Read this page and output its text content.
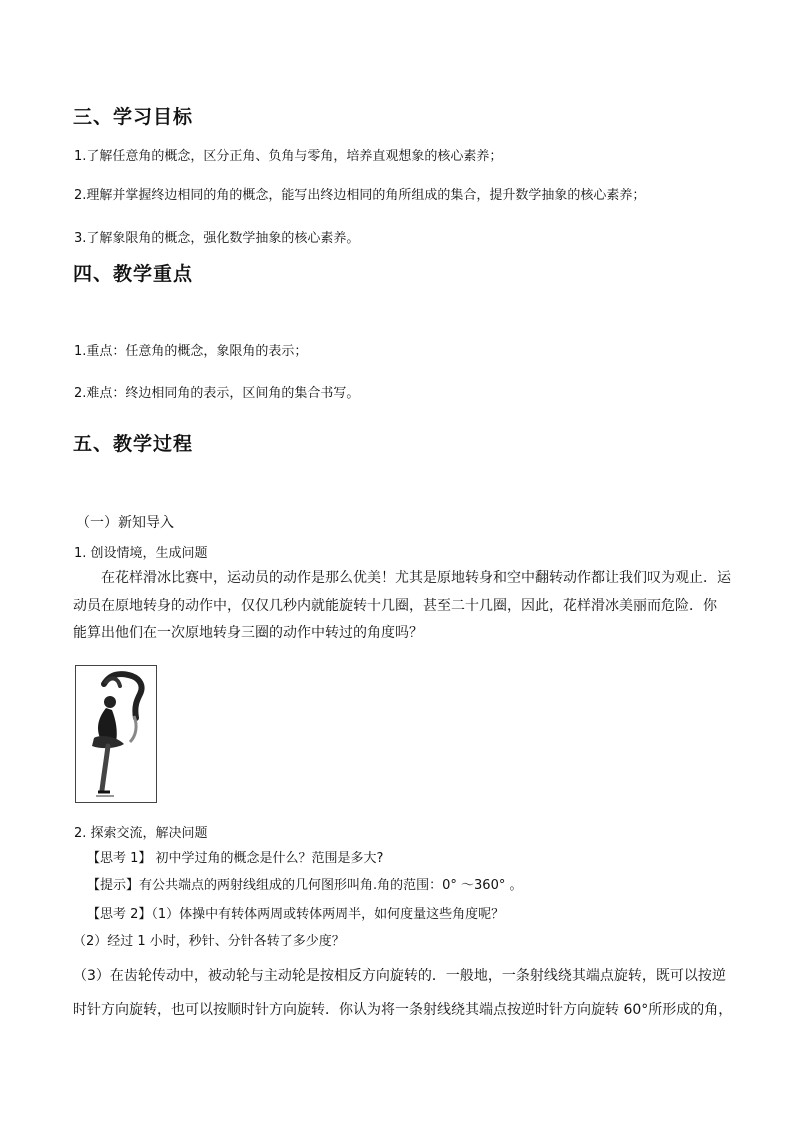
三、学习目标
1.了解任意角的概念，区分正角、负角与零角，培养直观想象的核心素养；
2.理解并掌握终边相同的角的概念，能写出终边相同的角所组成的集合，提升数学抽象的核心素养；
3.了解象限角的概念，强化数学抽象的核心素养。
四、教学重点
1.重点：任意角的概念，象限角的表示；
2.难点：终边相同角的表示，区间角的集合书写。
五、教学过程
（一）新知导入
1. 创设情境，生成问题
在花样滑冰比赛中，运动员的动作是那么优美！尤其是原地转身和空中翻转动作都让我们叹为观止．运
动员在原地转身的动作中，仅仅几秒内就能旋转十几圈，甚至二十几圈，因此，花样滑冰美丽而危险．你
能算出他们在一次原地转身三圈的动作中转过的角度吗？
2. 探索交流，解决问题
【思考 1】 初中学过角的概念是什么？范围是多大?
【提示】有公共端点的两射线组成的几何图形叫角.角的范围：0° ～360° 。
【思考 2】（1）体操中有转体两周或转体两周半，如何度量这些角度呢？
（2）经过 1 小时，秒针、分针各转了多少度？
（3）在齿轮传动中，被动轮与主动轮是按相反方向旋转的．一般地，一条射线绕其端点旋转，既可以按逆
时针方向旋转，也可以按顺时针方向旋转．你认为将一条射线绕其端点按逆时针方向旋转 60°所形成的角，
